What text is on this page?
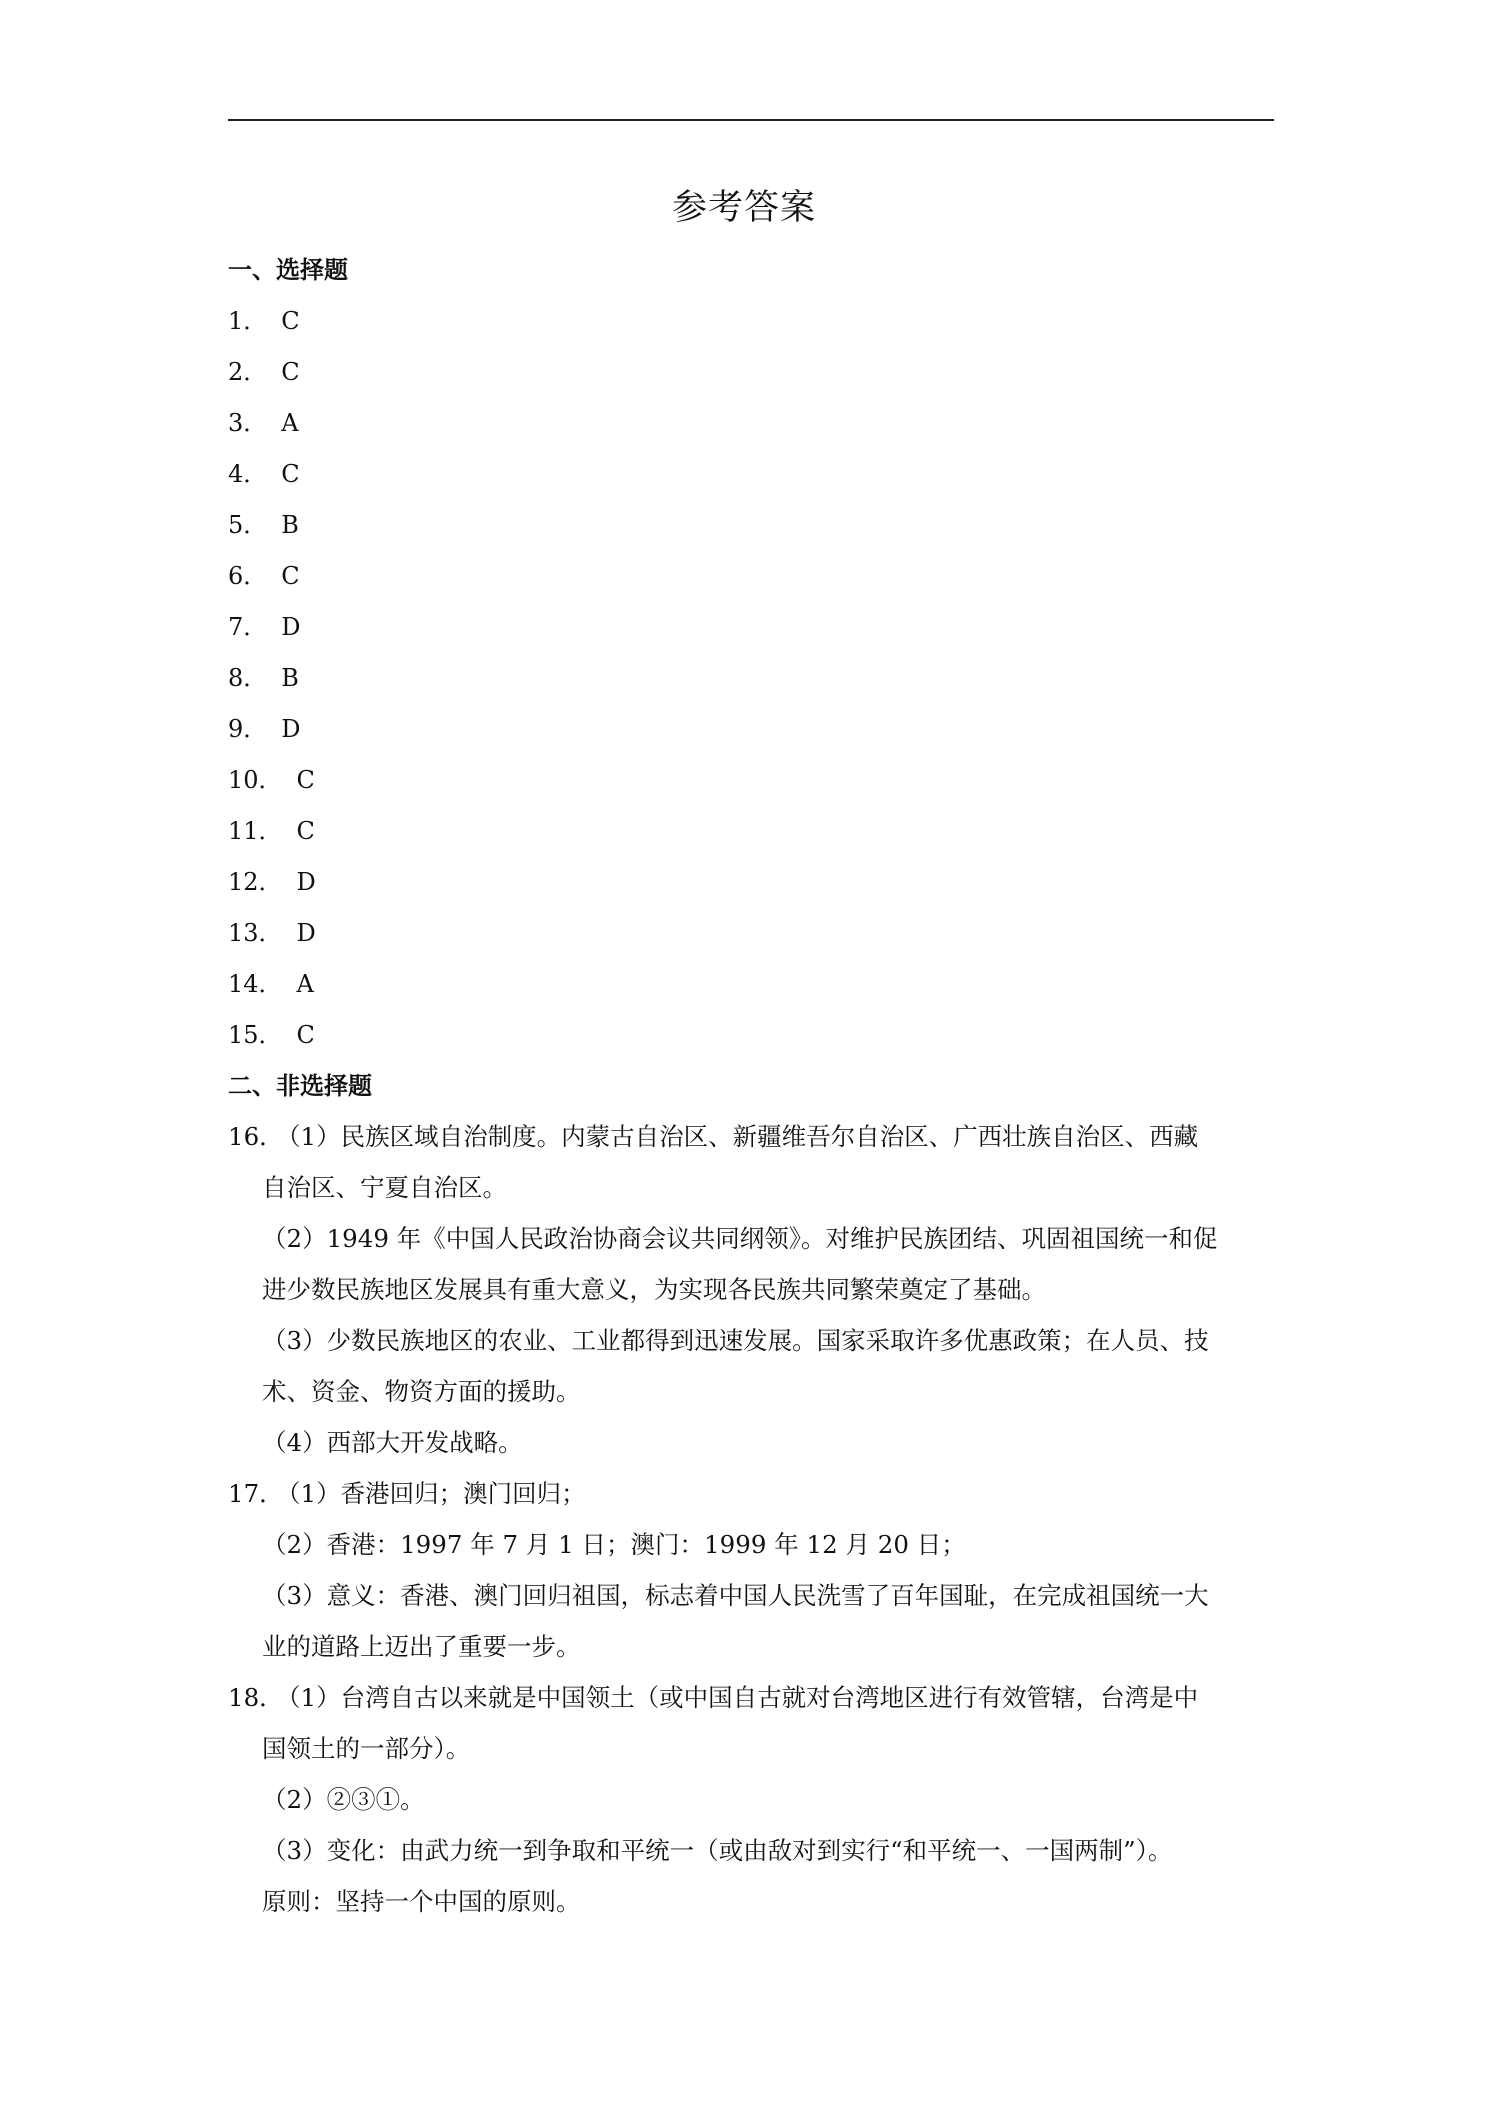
参考答案
一、选择题
1． C
2． C
3． A
4． C
5． B
6． C
7． D
8． B
9． D
10． C
11． C
12． D
13． D
14． A
15． C
二、非选择题
16．
（1）民族区域自治制度。内蒙古自治区、新疆维吾尔自治区、广西壮族自治区、西藏
自治区、宁夏自治区。
（2）1949 年《中国人民政治协商会议共同纲领》。对维护民族团结、巩固祖国统一和促
进少数民族地区发展具有重大意义，为实现各民族共同繁荣奠定了基础。
（3）少数民族地区的农业、工业都得到迅速发展。国家采取许多优惠政策；在人员、技
术、资金、物资方面的援助。
（4）西部大开发战略。
17．
（1）香港回归；澳门回归；
（2）香港：1997 年 7 月 1 日；澳门：1999 年 12 月 20 日；
（3）意义：香港、澳门回归祖国，标志着中国人民洗雪了百年国耻，在完成祖国统一大
业的道路上迈出了重要一步。
18．
（1）台湾自古以来就是中国领土（或中国自古就对台湾地区进行有效管辖，台湾是中
国领土的一部分）。
（2）②③①。
（3）变化：由武力统一到争取和平统一（或由敌对到实行“和平统一、一国两制”）。
原则：坚持一个中国的原则。
